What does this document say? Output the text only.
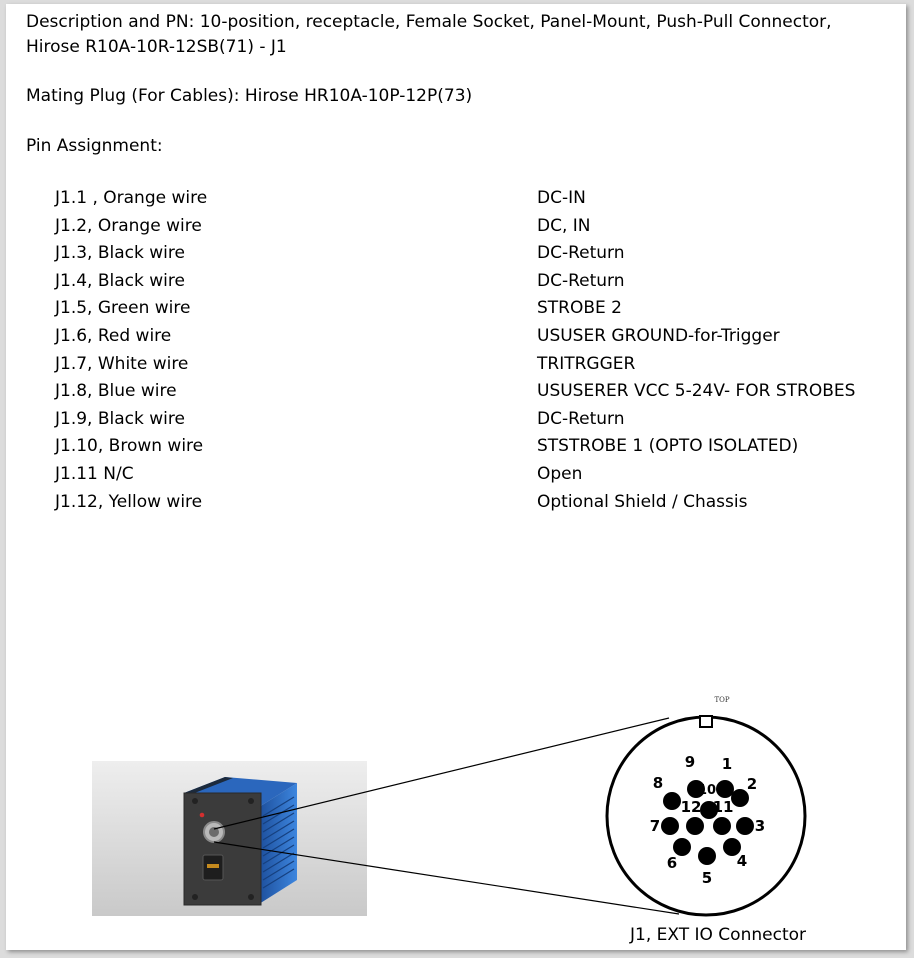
Description and PN: 10-position, receptacle, Female Socket, Panel-Mount, Push-Pull Connector,
Hirose R10A-10R-12SB(71) - J1
Mating Plug (For Cables): Hirose HR10A-10P-12P(73)
Pin Assignment:
J1.1 , Orange wire	DC-IN
J1.2, Orange wire	DC, IN
J1.3, Black wire	DC-Return
J1.4, Black wire	DC-Return
J1.5, Green wire	STROBE 2
J1.6, Red wire	USUSER GROUND-for-Trigger
J1.7, White wire	TRITRGGER
J1.8, Blue wire	USUSERER VCC 5-24V- FOR STROBES
J1.9, Black wire	DC-Return
J1.10, Brown wire	STSTROBE 1 (OPTO ISOLATED)
J1.11 N/C	Open
J1.12, Yellow wire	Optional Shield / Chassis
1
2
3
4
5
6
7
8
9
10
11
12
TOP
J1, EXT IO Connector
